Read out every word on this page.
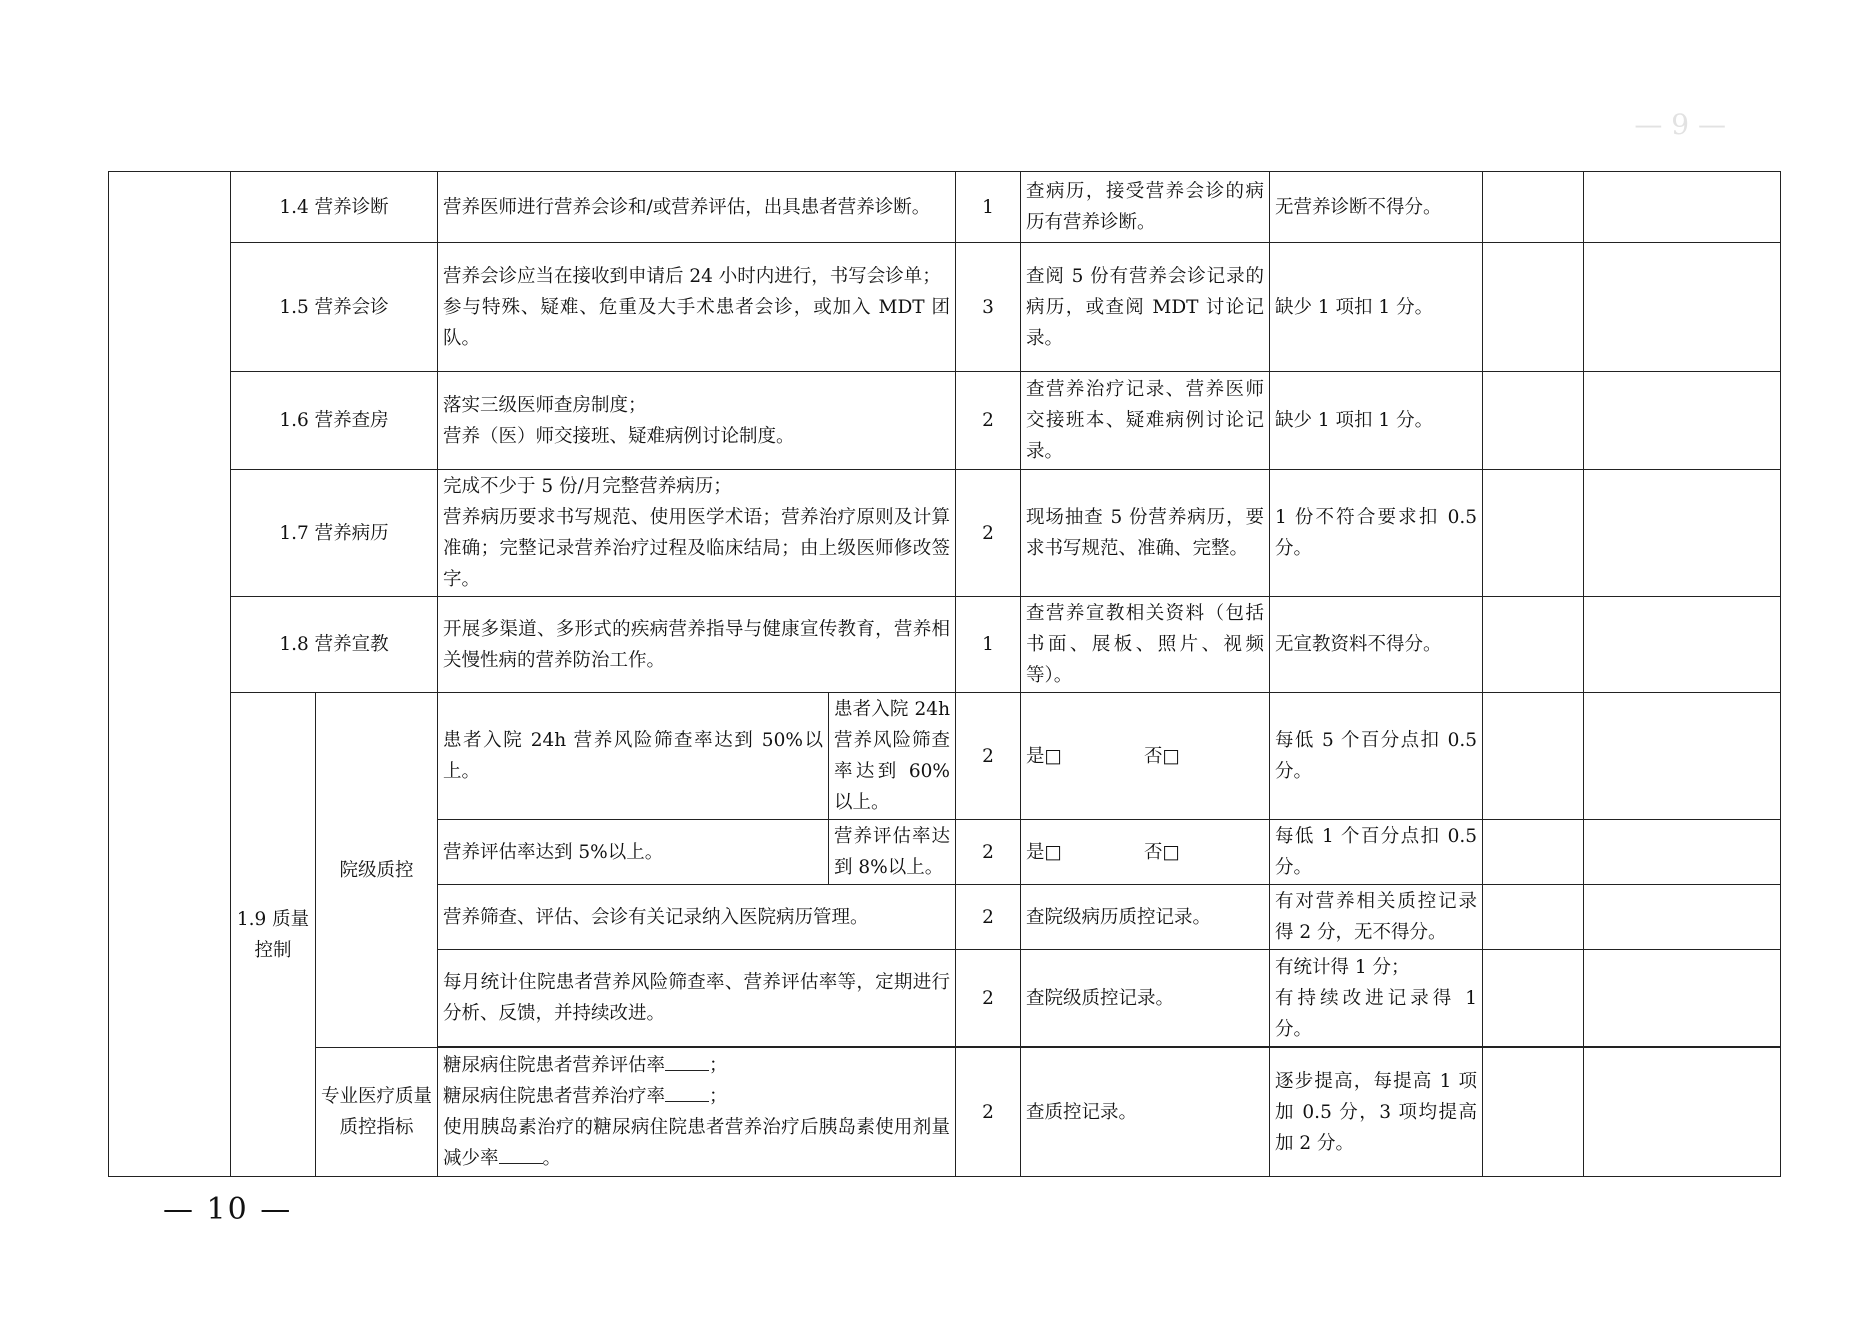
— 9 —
	1.4 营养诊断		营养医师进行营养会诊和/或营养评估，出具患者营养诊断。		1	查病历，接受营养会诊的病历有营养诊断。	无营养诊断不得分。		
	1.5 营养会诊		营养会诊应当在接收到申请后 24 小时内进行，书写会诊单；
参与特殊、疑难、危重及大手术患者会诊，或加入 MDT 团队。		3	查阅 5 份有营养会诊记录的病历，或查阅 MDT 讨论记录。	缺少 1 项扣 1 分。		
	1.6 营养查房		落实三级医师查房制度；
营养（医）师交接班、疑难病例讨论制度。		2	查营养治疗记录、营养医师交接班本、疑难病例讨论记录。	缺少 1 项扣 1 分。		
	1.7 营养病历		完成不少于 5 份/月完整营养病历；
营养病历要求书写规范、使用医学术语；营养治疗原则及计算准确；完整记录营养治疗过程及临床结局；由上级医师修改签字。		2	现场抽查 5 份营养病历，要求书写规范、准确、完整。	1 份不符合要求扣 0.5 分。		
	1.8 营养宣教		开展多渠道、多形式的疾病营养指导与健康宣传教育，营养相关慢性病的营养防治工作。		1	查营养宣教相关资料（包括书面、展板、照片、视频等）。	无宣教资料不得分。		
	1.9 质量控制	院级质控	患者入院 24h 营养风险筛查率达到 50%以上。	患者入院 24h 营养风险筛查率达到 60%以上。	2	是□ 否□	每低 5 个百分点扣 0.5 分。		
			营养评估率达到 5%以上。	营养评估率达到 8%以上。	2	是□ 否□	每低 1 个百分点扣 0.5 分。		
			营养筛查、评估、会诊有关记录纳入医院病历管理。		2	查院级病历质控记录。	有对营养相关质控记录得 2 分，无不得分。		
			每月统计住院患者营养风险筛查率、营养评估率等，定期进行分析、反馈，并持续改进。		2	查院级质控记录。	有统计得 1 分；
有持续改进记录得 1 分。		

		专业医疗质量质控指标	糖尿病住院患者营养评估率 ；
糖尿病住院患者营养治疗率 ；
使用胰岛素治疗的糖尿病住院患者营养治疗后胰岛素使用剂量减少率 。		2	查质控记录。	逐步提高，每提高 1 项加 0.5 分，3 项均提高加 2 分。		
— 10 —
